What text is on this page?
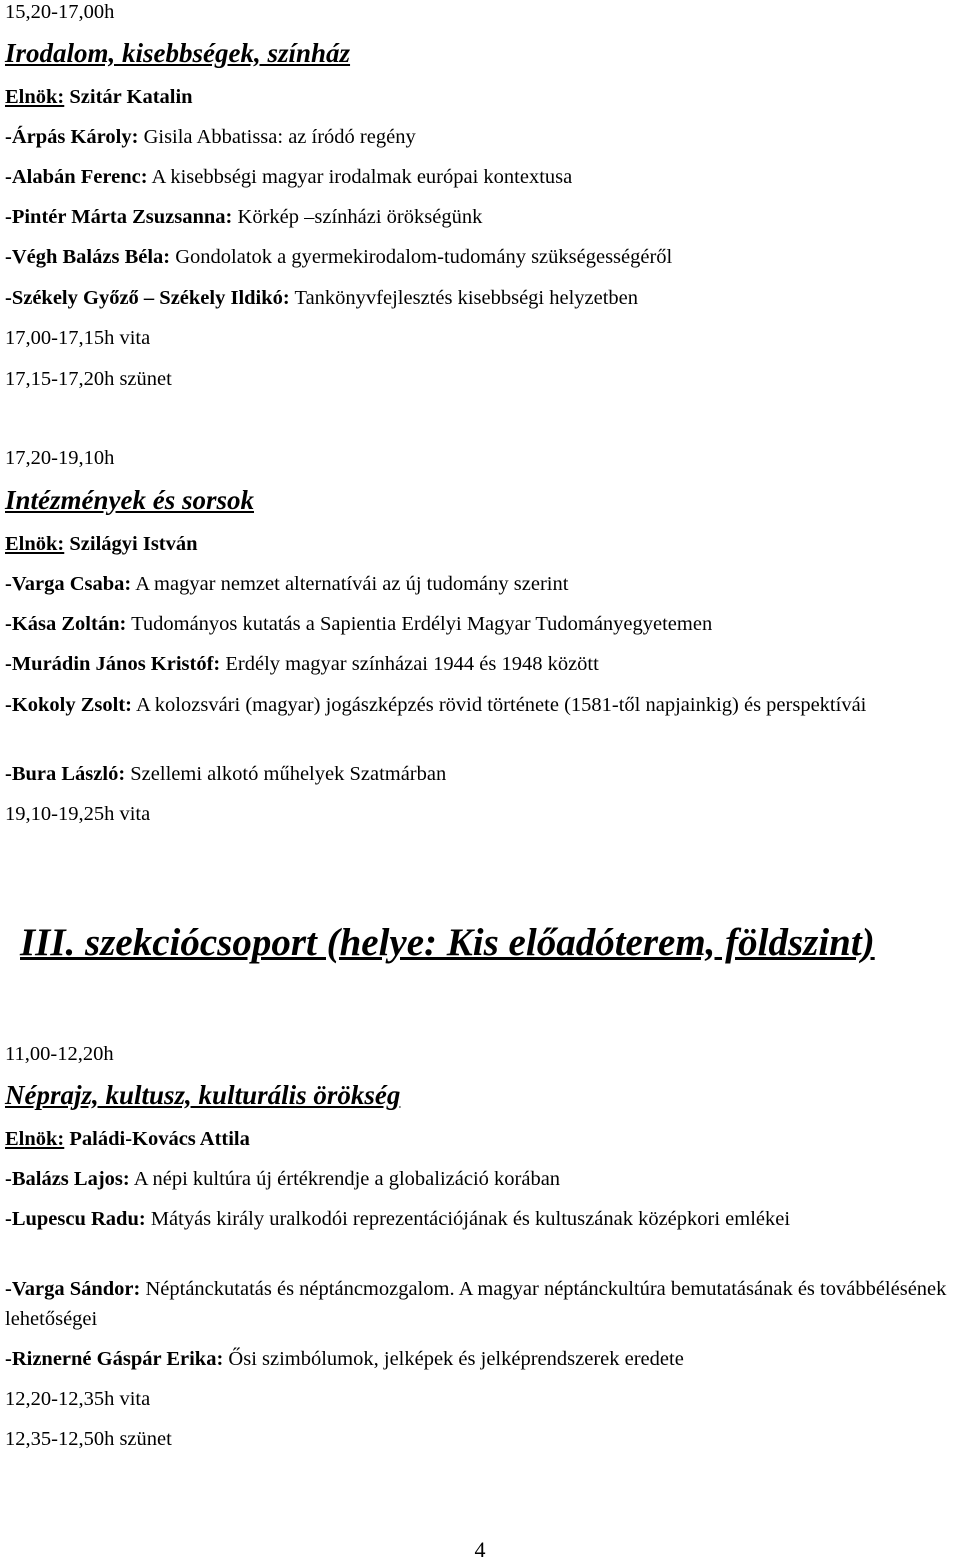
15,20-17,00h
Irodalom, kisebbségek, színház
Elnök: Szitár Katalin
-Árpás Károly: Gisila Abbatissa: az íródó regény
-Alabán Ferenc: A kisebbségi magyar irodalmak európai kontextusa
-Pintér Márta Zsuzsanna: Körkép –színházi örökségünk
-Végh Balázs Béla: Gondolatok a gyermekirodalom-tudomány szükségességéről
-Székely Győző – Székely Ildikó: Tankönyvfejlesztés kisebbségi helyzetben
17,00-17,15h vita
17,15-17,20h szünet
17,20-19,10h
Intézmények és sorsok
Elnök: Szilágyi István
-Varga Csaba: A magyar nemzet alternatívái az új tudomány szerint
-Kása Zoltán: Tudományos kutatás a Sapientia Erdélyi Magyar Tudományegyetemen
-Murádin János Kristóf: Erdély magyar színházai 1944 és 1948 között
-Kokoly Zsolt: A kolozsvári (magyar) jogászképzés rövid története (1581-től napjainkig) és perspektívái
-Bura László: Szellemi alkotó műhelyek Szatmárban
19,10-19,25h vita
III. szekciócsoport (helye: Kis előadóterem, földszint)
11,00-12,20h
Néprajz, kultusz, kulturális örökség
Elnök: Paládi-Kovács Attila
-Balázs Lajos: A népi kultúra új értékrendje a globalizáció korában
-Lupescu Radu: Mátyás király uralkodói reprezentációjának és kultuszának középkori emlékei
-Varga Sándor: Néptánckutatás és néptáncmozgalom. A magyar néptánckultúra bemutatásának és továbbélésének lehetőségei
-Riznerné Gáspár Erika: Ősi szimbólumok, jelképek és jelképrendszerek eredete
12,20-12,35h vita
12,35-12,50h szünet
4
